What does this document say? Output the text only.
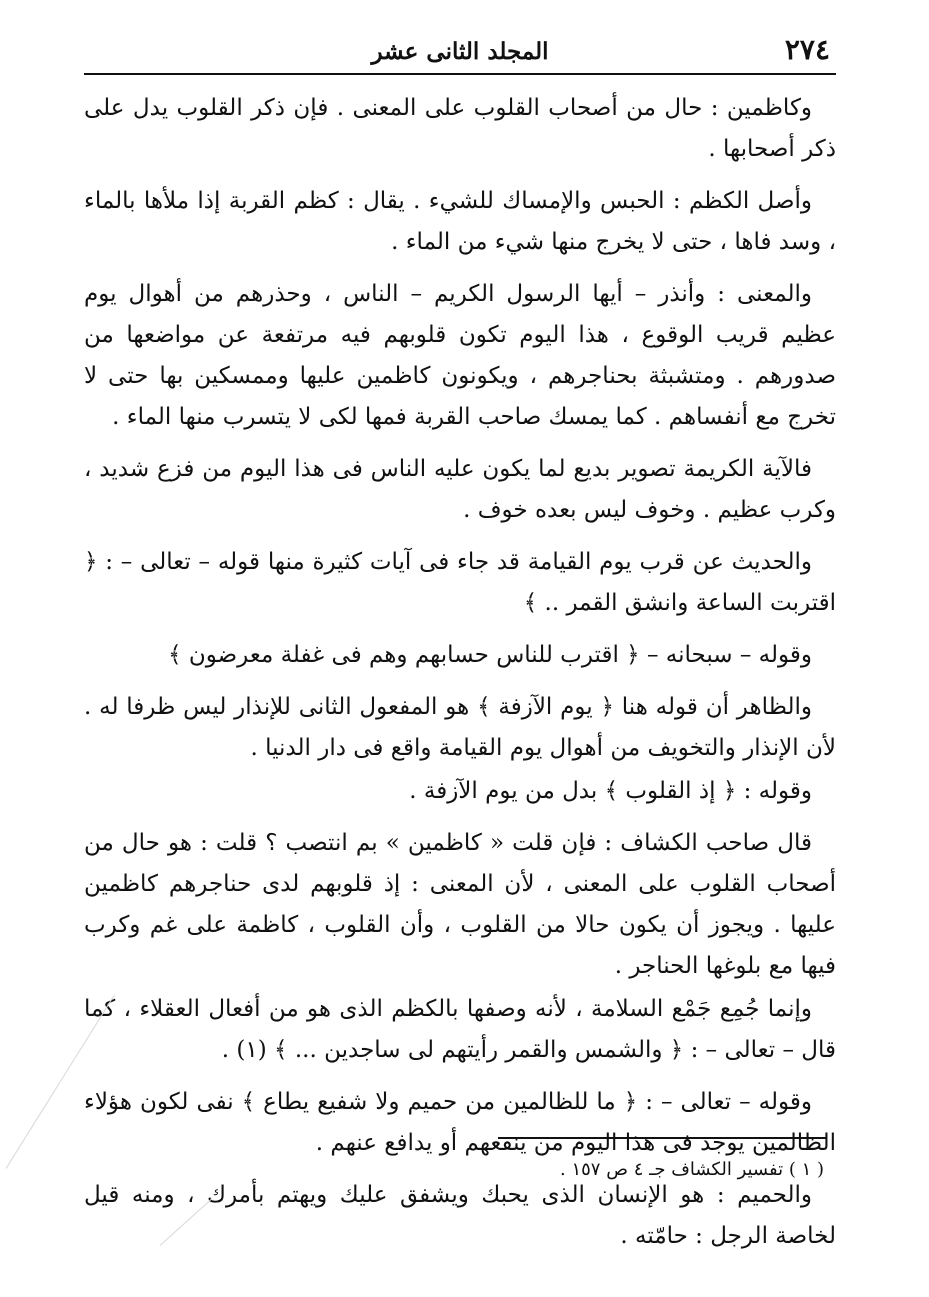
٢٧٤
المجلد الثانى عشر

وكاظمين : حال من أصحاب القلوب على المعنى . فإن ذكر القلوب يدل على ذكر أصحابها .

وأصل الكظم : الحبس والإمساك للشيء . يقال : كظم القربة إذا ملأها بالماء ، وسد فاها ، حتى لا يخرج منها شيء من الماء .

والمعنى : وأنذر – أيها الرسول الكريم – الناس ، وحذرهم من أهوال يوم عظيم قريب الوقوع ، هذا اليوم تكون قلوبهم فيه مرتفعة عن مواضعها من صدورهم . ومتشبثة بحناجرهم ، ويكونون كاظمين عليها وممسكين بها حتى لا تخرج مع أنفساهم . كما يمسك صاحب القربة فمها لكى لا يتسرب منها الماء .

فالآية الكريمة تصوير بديع لما يكون عليه الناس فى هذا اليوم من فزع شديد ، وكرب عظيم . وخوف ليس بعده خوف .

والحديث عن قرب يوم القيامة قد جاء فى آيات كثيرة منها قوله – تعالى – : ﴿ اقتربت الساعة وانشق القمر .. ﴾

وقوله – سبحانه – ﴿ اقترب للناس حسابهم وهم فى غفلة معرضون ﴾

والظاهر أن قوله هنا ﴿ يوم الآزفة ﴾ هو المفعول الثانى للإنذار ليس ظرفا له . لأن الإنذار والتخويف من أهوال يوم القيامة واقع فى دار الدنيا .

وقوله : ﴿ إذ القلوب ﴾ بدل من يوم الآزفة .

قال صاحب الكشاف : فإن قلت « كاظمين » بم انتصب ؟ قلت : هو حال من أصحاب القلوب على المعنى ، لأن المعنى : إذ قلوبهم لدى حناجرهم كاظمين عليها . ويجوز أن يكون حالا من القلوب ، وأن القلوب ، كاظمة على غم وكرب فيها مع بلوغها الحناجر .

وإنما جُمِع جَمْع السلامة ، لأنه وصفها بالكظم الذى هو من أفعال العقلاء ، كما قال – تعالى – : ﴿ والشمس والقمر رأيتهم لى ساجدين ... ﴾ (١) .

وقوله – تعالى – : ﴿ ما للظالمين من حميم ولا شفيع يطاع ﴾ نفى لكون هؤلاء الظالمين يوجد فى هذا اليوم من ينفعهم أو يدافع عنهم .

والحميم : هو الإنسان الذى يحبك ويشفق عليك ويهتم بأمرك ، ومنه قيل لخاصة الرجل : حامّته .

( ١ ) تفسير الكشاف جـ ٤ ص ١٥٧ .
